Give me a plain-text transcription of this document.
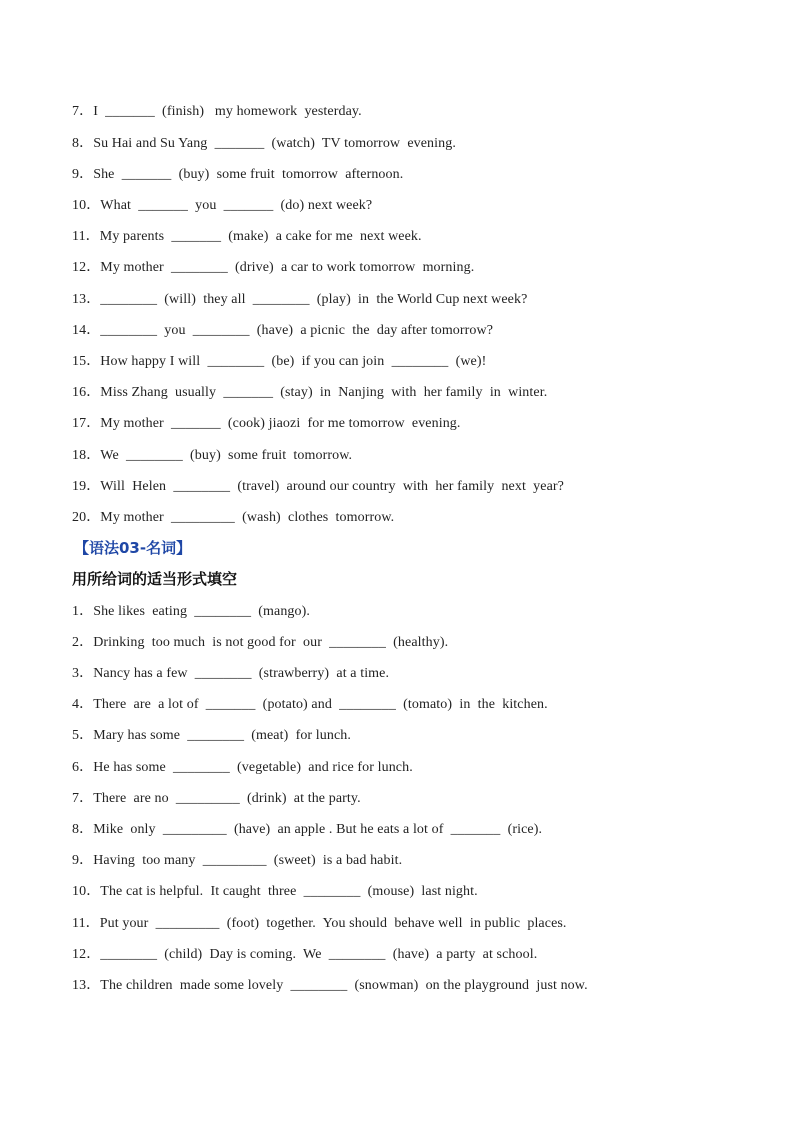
7．I  _______  (finish)   my homework  yesterday.
8．Su Hai and Su Yang  _______  (watch)  TV tomorrow  evening.
9．She  _______  (buy)  some fruit  tomorrow  afternoon.
10．What  _______  you  _______  (do) next week?
11．My parents  _______  (make)  a cake for me  next week.
12．My mother  ________  (drive)  a car to work tomorrow  morning.
13．________  (will)  they all  ________  (play)  in  the World Cup next week?
14．________  you  ________  (have)  a picnic  the  day after tomorrow?
15．How happy I will  ________  (be)  if you can join  ________  (we)!
16．Miss Zhang  usually  _______  (stay)  in  Nanjing  with  her family  in  winter.
17．My mother  _______  (cook) jiaozi  for me tomorrow  evening.
18．We  ________  (buy)  some fruit  tomorrow.
19．Will  Helen  ________  (travel)  around our country  with  her family  next  year?
20．My mother  _________  (wash)  clothes  tomorrow.
【语法03-名词】
用所给词的适当形式填空
1．She likes  eating  ________  (mango).
2．Drinking  too much  is not good for  our  ________  (healthy).
3．Nancy has a few  ________  (strawberry)  at a time.
4．There  are  a lot of  _______  (potato) and  ________  (tomato)  in  the  kitchen.
5．Mary has some  ________  (meat)  for lunch.
6．He has some  ________  (vegetable)  and rice for lunch.
7．There  are no  _________  (drink)  at the party.
8．Mike  only  _________  (have)  an apple . But he eats a lot of  _______  (rice).
9．Having  too many  _________  (sweet)  is a bad habit.
10．The cat is helpful.  It caught  three  ________  (mouse)  last night.
11．Put your  _________  (foot)  together.  You should  behave well  in public  places.
12．________  (child)  Day is coming.  We  ________  (have)  a party  at school.
13．The children  made some lovely  ________  (snowman)  on the playground  just now.
